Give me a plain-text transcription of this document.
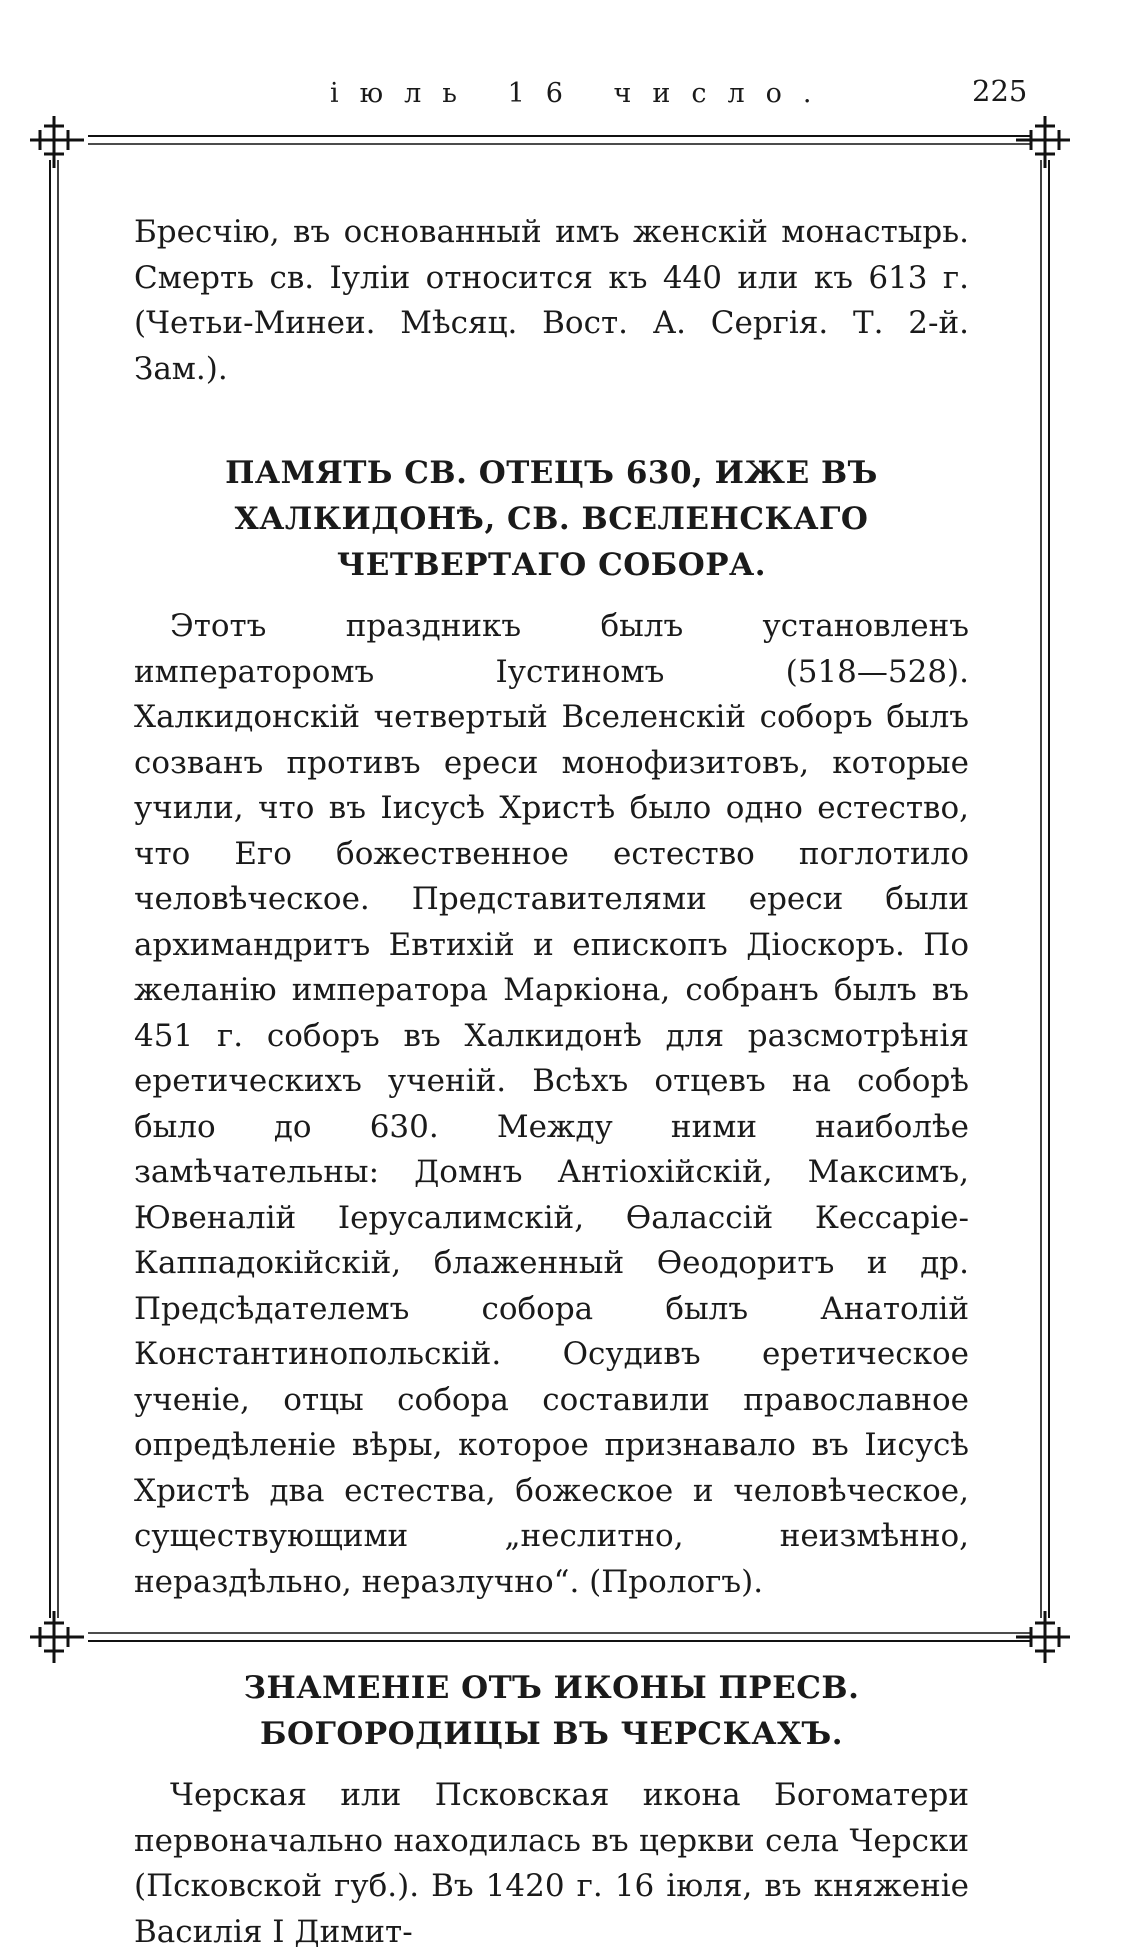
іюль 16 число.	225

Бресчію, въ основанный имъ женскій монастырь. Смерть св. Іуліи относится къ 440 или къ 613 г. (Четьи-Минеи. Мѣсяц. Вост. А. Сергія. Т. 2-й. Зам.).

ПАМЯТЬ СВ. ОТЕЦЪ 630, ИЖЕ ВЪ ХАЛКИДОНѢ, СВ. ВСЕЛЕНСКАГО ЧЕТВЕРТАГО СОБОРА.

Этотъ праздникъ былъ установленъ императоромъ Іустиномъ (518—528). Халкидонскій четвертый Вселенскій соборъ былъ созванъ противъ ереси монофизитовъ, которые учили, что въ Іисусѣ Христѣ было одно естество, что Его божественное естество поглотило человѣческое. Представителями ереси были архимандритъ Евтихій и епископъ Діоскоръ. По желанію императора Маркіона, собранъ былъ въ 451 г. соборъ въ Халкидонѣ для разсмотрѣнія еретическихъ ученій. Всѣхъ отцевъ на соборѣ было до 630. Между ними наиболѣе замѣчательны: Домнъ Антіохійскій, Максимъ, Ювеналій Іерусалимскій, Ѳалассій Кессаріе-Каппадокійскій, блаженный Ѳеодоритъ и др. Предсѣдателемъ собора былъ Анатолій Константинопольскій. Осудивъ еретическое ученіе, отцы собора составили православное опредѣленіе вѣры, которое признавало въ Іисусѣ Христѣ два естества, божеское и человѣческое, существующими „неслитно, неизмѣнно, нераздѣльно, неразлучно“. (Прологъ).

ЗНАМЕНІЕ ОТЪ ИКОНЫ ПРЕСВ. БОГОРОДИЦЫ ВЪ ЧЕРСКАХЪ.

Черская или Псковская икона Богоматери первоначально находилась въ церкви села Черски (Псковской губ.). Въ 1420 г. 16 іюля, въ княженіе Василія I Димит-
